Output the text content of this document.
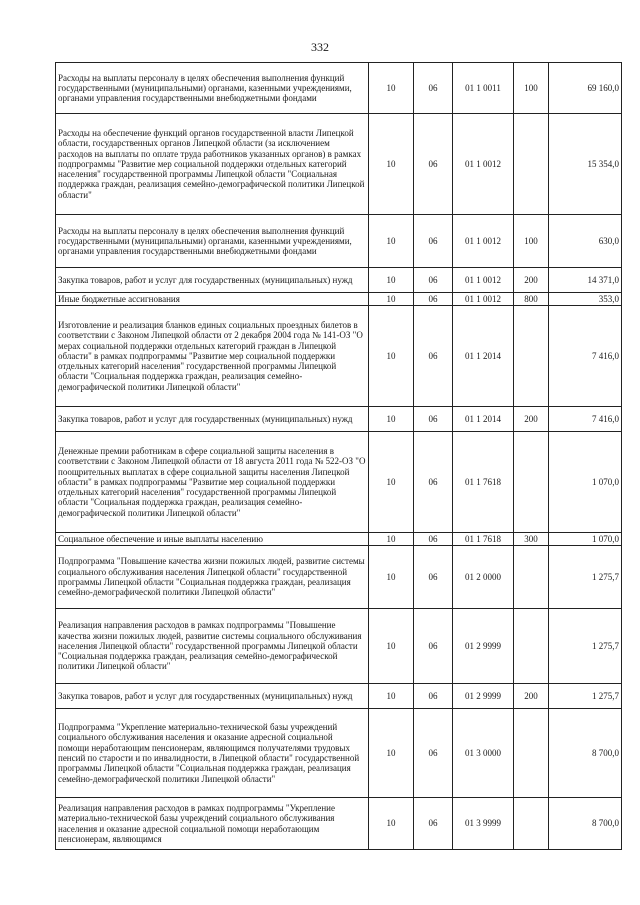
332
Расходы на выплаты персоналу в целях обеспечения выполнения функций государственными (муниципальными) органами, казенными учреждениями, органами управления государственными внебюджетными фондами	10	06	01 1 0011	100	69 160,0
Расходы на обеспечение функций органов государственной власти Липецкой области, государственных органов Липецкой области (за исключением расходов на выплаты по оплате труда работников указанных органов) в рамках подпрограммы "Развитие мер социальной поддержки отдельных категорий населения" государственной программы Липецкой области "Социальная поддержка граждан, реализация семейно-демографической политики Липецкой области"	10	06	01 1 0012		15 354,0
Расходы на выплаты персоналу в целях обеспечения выполнения функций государственными (муниципальными) органами, казенными учреждениями, органами управления государственными внебюджетными фондами	10	06	01 1 0012	100	630,0
Закупка товаров, работ и услуг для государственных (муниципальных) нужд	10	06	01 1 0012	200	14 371,0
Иные бюджетные ассигнования	10	06	01 1 0012	800	353,0
Изготовление и реализация бланков единых социальных проездных билетов в соответствии с Законом Липецкой области от 2 декабря 2004 года № 141-ОЗ "О мерах социальной поддержки отдельных категорий граждан в Липецкой области" в рамках подпрограммы "Развитие мер социальной поддержки отдельных категорий населения" государственной программы Липецкой области "Социальная поддержка граждан, реализация семейно-демографической политики Липецкой области"	10	06	01 1 2014		7 416,0
Закупка товаров, работ и услуг для государственных (муниципальных) нужд	10	06	01 1 2014	200	7 416,0
Денежные премии работникам в сфере социальной защиты населения в соответствии с Законом Липецкой области от 18 августа 2011 года № 522-ОЗ "О поощрительных выплатах в сфере социальной защиты населения Липецкой области" в рамках подпрограммы "Развитие мер социальной поддержки отдельных категорий населения" государственной программы Липецкой области "Социальная поддержка граждан, реализация семейно-демографической политики Липецкой области"	10	06	01 1 7618		1 070,0
Социальное обеспечение и иные выплаты населению	10	06	01 1 7618	300	1 070,0
Подпрограмма "Повышение качества жизни пожилых людей, развитие системы социального обслуживания населения Липецкой области" государственной программы Липецкой области "Социальная поддержка граждан, реализация семейно-демографической политики Липецкой области"	10	06	01 2 0000		1 275,7
Реализация направления расходов в рамках подпрограммы "Повышение качества жизни пожилых людей, развитие системы социального обслуживания населения Липецкой области" государственной программы Липецкой области "Социальная поддержка граждан, реализация семейно-демографической политики Липецкой области"	10	06	01 2 9999		1 275,7
Закупка товаров, работ и услуг для государственных (муниципальных) нужд	10	06	01 2 9999	200	1 275,7
Подпрограмма "Укрепление материально-технической базы учреждений социального обслуживания населения и оказание адресной социальной помощи неработающим пенсионерам, являющимся получателями трудовых пенсий по старости и по инвалидности, в Липецкой области" государственной программы Липецкой области "Социальная поддержка граждан, реализация семейно-демографической политики Липецкой области"	10	06	01 3 0000		8 700,0
Реализация направления расходов в рамках подпрограммы "Укрепление материально-технической базы учреждений социального обслуживания населения и оказание адресной социальной помощи неработающим пенсионерам, являющимся	10	06	01 3 9999		8 700,0
